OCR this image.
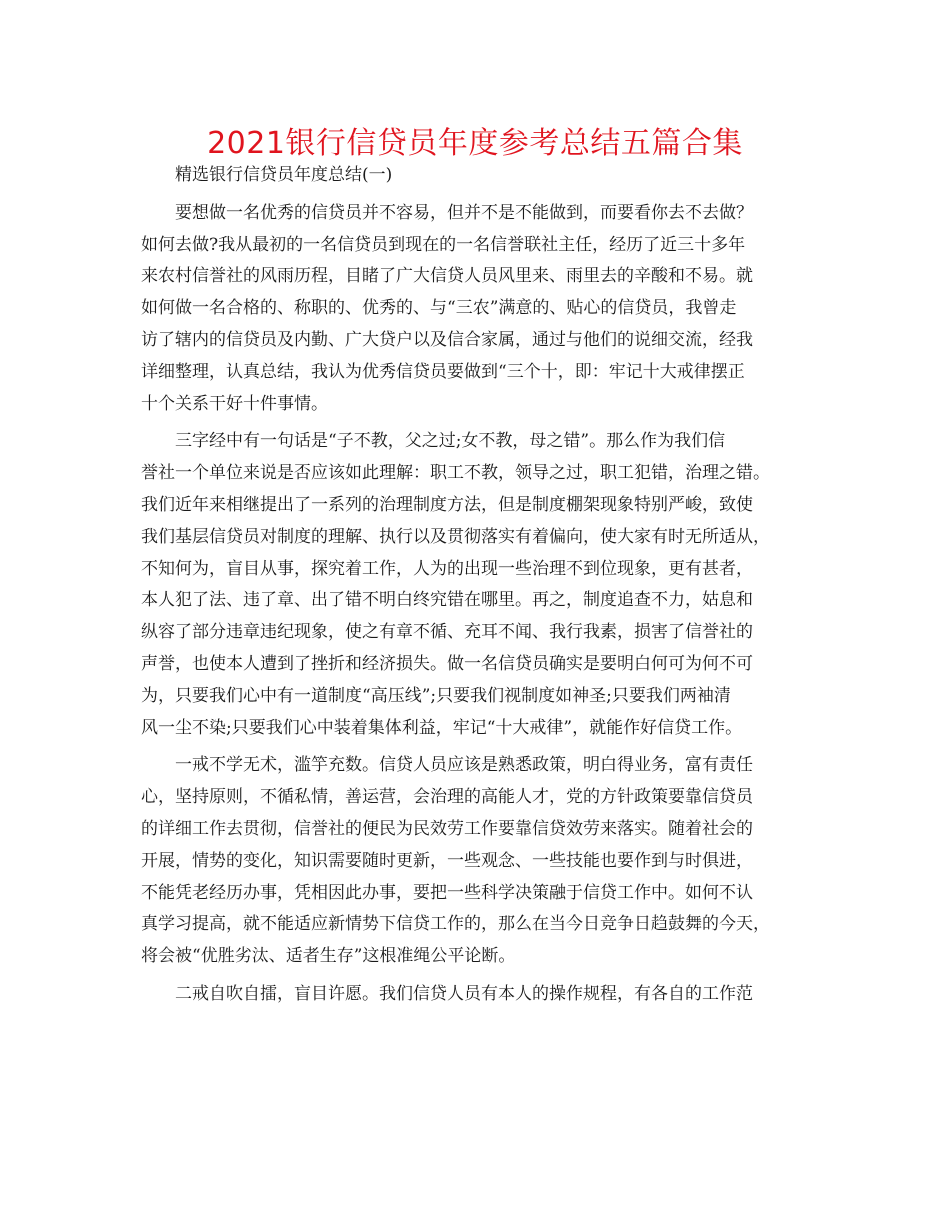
2021银行信贷员年度参考总结五篇合集

精选银行信贷员年度总结(一)

要想做一名优秀的信贷员并不容易，但并不是不能做到，而要看你去不去做？
如何去做?我从最初的一名信贷员到现在的一名信誉联社主任，经历了近三十多年
来农村信誉社的风雨历程，目睹了广大信贷人员风里来、雨里去的辛酸和不易。就
如何做一名合格的、称职的、优秀的、与“三农”满意的、贴心的信贷员，我曾走
访了辖内的信贷员及内勤、广大贷户以及信合家属，通过与他们的说细交流，经我
详细整理，认真总结，我认为优秀信贷员要做到“三个十，即：牢记十大戒律摆正
十个关系干好十件事情。

三字经中有一句话是“子不教，父之过;女不教，母之错”。那么作为我们信
誉社一个单位来说是否应该如此理解：职工不教，领导之过，职工犯错，治理之错。
我们近年来相继提出了一系列的治理制度方法，但是制度棚架现象特别严峻，致使
我们基层信贷员对制度的理解、执行以及贯彻落实有着偏向，使大家有时无所适从，
不知何为，盲目从事，探究着工作，人为的出现一些治理不到位现象，更有甚者，
本人犯了法、违了章、出了错不明白终究错在哪里。再之，制度追查不力，姑息和
纵容了部分违章违纪现象，使之有章不循、充耳不闻、我行我素，损害了信誉社的
声誉，也使本人遭到了挫折和经济损失。做一名信贷员确实是要明白何可为何不可
为，只要我们心中有一道制度“高压线”;只要我们视制度如神圣;只要我们两袖清
风一尘不染;只要我们心中装着集体利益，牢记“十大戒律”，就能作好信贷工作。

一戒不学无术，滥竽充数。信贷人员应该是熟悉政策，明白得业务，富有责任
心，坚持原则，不循私情，善运营，会治理的高能人才，党的方针政策要靠信贷员
的详细工作去贯彻，信誉社的便民为民效劳工作要靠信贷效劳来落实。随着社会的
开展，情势的变化，知识需要随时更新，一些观念、一些技能也要作到与时俱进，
不能凭老经历办事，凭相因此办事，要把一些科学决策融于信贷工作中。如何不认
真学习提高，就不能适应新情势下信贷工作的，那么在当今日竞争日趋鼓舞的今天，
将会被“优胜劣汰、适者生存”这根准绳公平论断。

二戒自吹自擂，盲目许愿。我们信贷人员有本人的操作规程，有各自的工作范
